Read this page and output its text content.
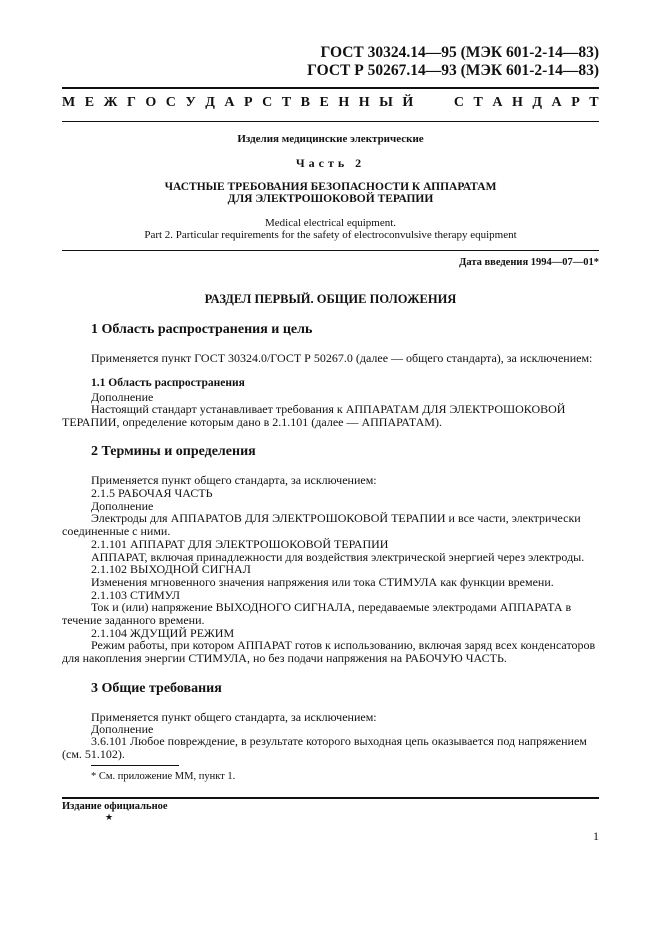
ГОСТ 30324.14—95 (МЭК 601-2-14—83)
ГОСТ Р 50267.14—93 (МЭК 601-2-14—83)
М Е Ж Г О С У Д А Р С Т В Е Н Н Ы Й	С Т А Н Д А Р Т
Изделия медицинские электрические
Часть 2
ЧАСТНЫЕ ТРЕБОВАНИЯ БЕЗОПАСНОСТИ К АППАРАТАМ
ДЛЯ ЭЛЕКТРОШОКОВОЙ ТЕРАПИИ
Medical electrical equipment.
Part 2. Particular requirements for the safety of electroconvulsive therapy equipment
Дата введения 1994—07—01*
РАЗДЕЛ ПЕРВЫЙ. ОБЩИЕ ПОЛОЖЕНИЯ
1 Область распространения и цель
Применяется пункт ГОСТ 30324.0/ГОСТ Р 50267.0 (далее — общего стандарта), за исключением:
1.1 Область распространения
Дополнение
Настоящий стандарт устанавливает требования к АППАРАТАМ ДЛЯ ЭЛЕКТРОШОКОВОЙ ТЕРАПИИ, определение которым дано в 2.1.101 (далее — АППАРАТАМ).
2 Термины и определения
Применяется пункт общего стандарта, за исключением:
2.1.5 РАБОЧАЯ ЧАСТЬ
Дополнение
Электроды для АППАРАТОВ ДЛЯ ЭЛЕКТРОШОКОВОЙ ТЕРАПИИ и все части, электрически соединенные с ними.
2.1.101 АППАРАТ ДЛЯ ЭЛЕКТРОШОКОВОЙ ТЕРАПИИ
АППАРАТ, включая принадлежности для воздействия электрической энергией через электроды.
2.1.102 ВЫХОДНОЙ СИГНАЛ
Изменения мгновенного значения напряжения или тока СТИМУЛА как функции времени.
2.1.103 СТИМУЛ
Ток и (или) напряжение ВЫХОДНОГО СИГНАЛА, передаваемые электродами АППАРАТА в течение заданного времени.
2.1.104 ЖДУЩИЙ РЕЖИМ
Режим работы, при котором АППАРАТ готов к использованию, включая заряд всех конденсаторов для накопления энергии СТИМУЛА, но без подачи напряжения на РАБОЧУЮ ЧАСТЬ.
3 Общие требования
Применяется пункт общего стандарта, за исключением:
Дополнение
3.6.101 Любое повреждение, в результате которого выходная цепь оказывается под напряжением (см. 51.102).
* См. приложение ММ, пункт 1.
Издание официальное
★
1
